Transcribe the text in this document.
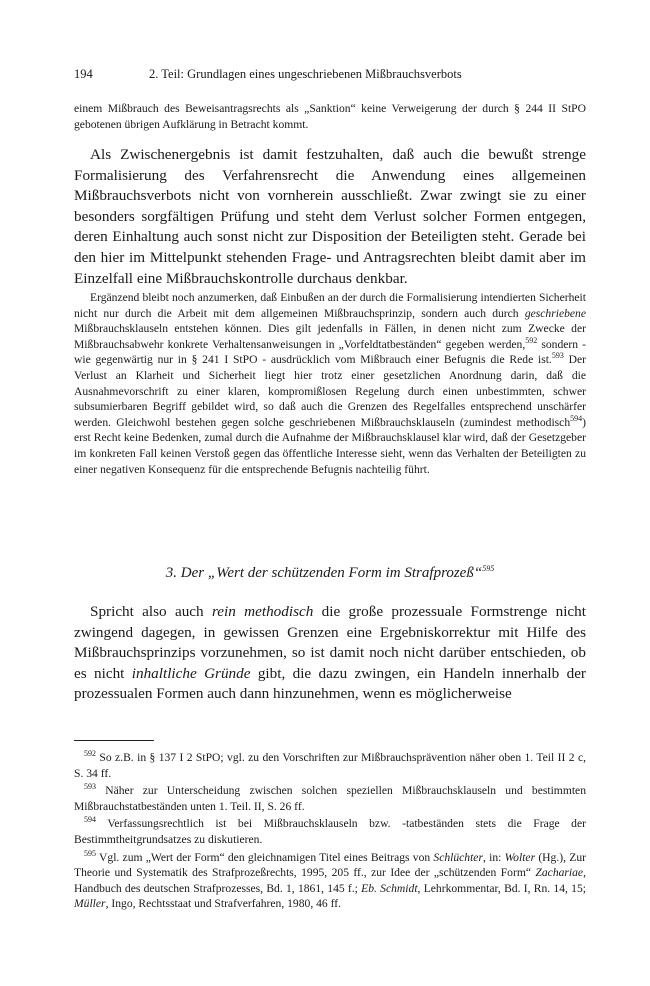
194	2. Teil: Grundlagen eines ungeschriebenen Mißbrauchsverbots

einem Mißbrauch des Beweisantragsrechts als „Sanktion“ keine Verweigerung der durch § 244 II StPO gebotenen übrigen Aufklärung in Betracht kommt.

Als Zwischenergebnis ist damit festzuhalten, daß auch die bewußt strenge Formalisierung des Verfahrensrecht die Anwendung eines allgemeinen Mißbrauchsverbots nicht von vornherein ausschließt. Zwar zwingt sie zu einer besonders sorgfältigen Prüfung und steht dem Verlust solcher Formen entgegen, deren Einhaltung auch sonst nicht zur Disposition der Beteiligten steht. Gerade bei den hier im Mittelpunkt stehenden Frage- und Antragsrechten bleibt damit aber im Einzelfall eine Mißbrauchskontrolle durchaus denkbar.

Ergänzend bleibt noch anzumerken, daß Einbußen an der durch die Formalisierung intendierten Sicherheit nicht nur durch die Arbeit mit dem allgemeinen Mißbrauchsprinzip, sondern auch durch geschriebene Mißbrauchsklauseln entstehen können. Dies gilt jedenfalls in Fällen, in denen nicht zum Zwecke der Mißbrauchsabwehr konkrete Verhaltensanweisungen in „Vorfeldtatbeständen“ gegeben werden,$^{592}$ sondern - wie gegenwärtig nur in § 241 I StPO - ausdrücklich vom Mißbrauch einer Befugnis die Rede ist.$^{593}$ Der Verlust an Klarheit und Sicherheit liegt hier trotz einer gesetzlichen Anordnung darin, daß die Ausnahmevorschrift zu einer klaren, kompromißlosen Regelung durch einen unbestimmten, schwer subsumierbaren Begriff gebildet wird, so daß auch die Grenzen des Regelfalles entsprechend unschärfer werden. Gleichwohl bestehen gegen solche geschriebenen Mißbrauchsklauseln (zumindest methodisch$^{594}$) erst Recht keine Bedenken, zumal durch die Aufnahme der Mißbrauchsklausel klar wird, daß der Gesetzgeber im konkreten Fall keinen Verstoß gegen das öffentliche Interesse sieht, wenn das Verhalten der Beteiligten zu einer negativen Konsequenz für die entsprechende Befugnis nachteilig führt.

3. Der „Wert der schützenden Form im Strafprozeß“$^{595}$

Spricht also auch rein methodisch die große prozessuale Formstrenge nicht zwingend dagegen, in gewissen Grenzen eine Ergebniskorrektur mit Hilfe des Mißbrauchsprinzips vorzunehmen, so ist damit noch nicht darüber entschieden, ob es nicht inhaltliche Gründe gibt, die dazu zwingen, ein Handeln innerhalb der prozessualen Formen auch dann hinzunehmen, wenn es möglicherweise

$^{592}$ So z.B. in § 137 I 2 StPO; vgl. zu den Vorschriften zur Mißbrauchsprävention näher oben 1. Teil II 2 c, S. 34 ff.

$^{593}$ Näher zur Unterscheidung zwischen solchen speziellen Mißbrauchsklauseln und bestimmten Mißbrauchstatbeständen unten 1. Teil. II, S. 26 ff.

$^{594}$ Verfassungsrechtlich ist bei Mißbrauchsklauseln bzw. -tatbeständen stets die Frage der Bestimmtheitgrundsatzes zu diskutieren.

$^{595}$ Vgl. zum „Wert der Form“ den gleichnamigen Titel eines Beitrags von Schlüchter, in: Wolter (Hg.), Zur Theorie und Systematik des Strafprozeßrechts, 1995, 205 ff., zur Idee der „schützenden Form“ Zachariae, Handbuch des deutschen Strafprozesses, Bd. 1, 1861, 145 f.; Eb. Schmidt, Lehrkommentar, Bd. I, Rn. 14, 15; Müller, Ingo, Rechtsstaat und Strafverfahren, 1980, 46 ff.
